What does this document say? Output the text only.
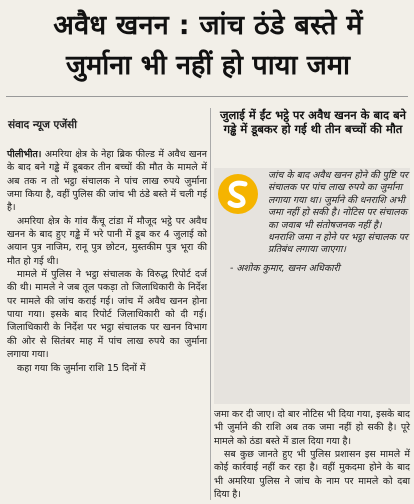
अवैध खनन : जांच ठंडे बस्ते में
जुर्माना भी नहीं हो पाया जमा
संवाद न्यूज एजेंसी

पीलीभीत। अमरिया क्षेत्र के नेहा ब्रिक फील्ड में अवैध खनन के बाद बने गड्ढे में डूबकर तीन बच्चों की मौत के मामले में अब तक न तो भट्ठा संचालक ने पांच लाख रुपये जुर्माना जमा किया है, वहीं पुलिस की जांच भी ठंडे बस्ते में चली गई है।

अमरिया क्षेत्र के गांव कैंचू टांडा में मौजूद भट्ठे पर अवैध खनन के बाद हुए गड्ढे में भरे पानी में डूब कर 4 जुलाई को अयान पुत्र नाजिम, रानू पुत्र छोटन, मुस्तकीम पुत्र भूरा की मौत हो गई थी।

मामले में पुलिस ने भट्ठा संचालक के विरुद्ध रिपोर्ट दर्ज की थी। मामले ने जब तूल पकड़ा तो जिलाधिकारी के निर्देश पर मामले की जांच कराई गई। जांच में अवैध खनन होना पाया गया। इसके बाद रिपोर्ट जिलाधिकारी को दी गई। जिलाधिकारी के निर्देश पर भट्ठा संचालक पर खनन विभाग की ओर से सितंबर माह में पांच लाख रुपये का जुर्माना लगाया गया।

कहा गया कि जुर्माना राशि 15 दिनों में

जुलाई में ईंट भट्ठे पर अवैध खनन के बाद बने गड्ढे में डूबकर हो गई थी तीन बच्चों की मौत
जांच के बाद अवैध खनन होने की पुष्टि पर संचालक पर पांच लाख रुपये का जुर्माना लगाया गया था। जुर्माने की धनराशि अभी जमा नहीं हो सकी है। नोटिस पर संचालक का जवाब भी संतोषजनक नहीं है। धनराशि जमा न होने पर भट्ठा संचालक पर प्रतिबंध लगाया जाएगा।
- अशोक कुमार, खनन अधिकारी

जमा कर दी जाए। दो बार नोटिस भी दिया गया, इसके बाद भी जुर्माने की राशि अब तक जमा नहीं हो सकी है। पूरे मामले को ठंडा बस्ते में डाल दिया गया है।

सब कुछ जानते हुए भी पुलिस प्रशासन इस मामले में कोई कार्रवाई नहीं कर रहा है। वहीं मुकदमा होने के बाद भी अमरिया पुलिस ने जांच के नाम पर मामले को दबा दिया है।
